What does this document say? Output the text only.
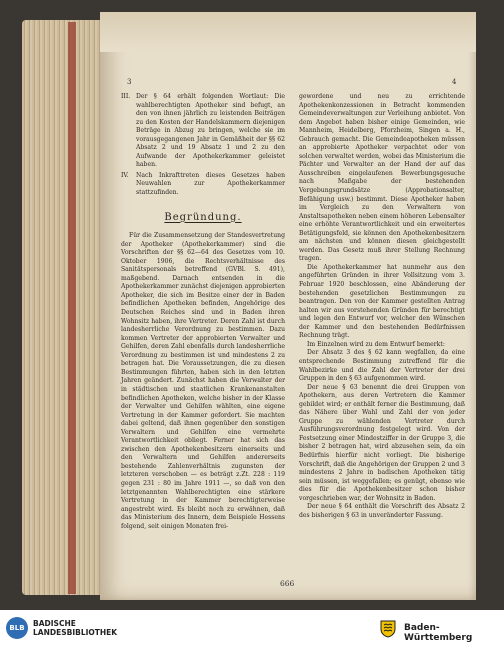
3	4
III. Der § 64 erhält folgenden Wortlaut: Die wahlberechtigten Apotheker sind befugt, an den von ihnen jährlich zu leistenden Beiträgen zu den Kosten der Handelskammern diejenigen Beträge in Abzug zu bringen, welche sie im vorausgegangenen Jahr in Gemäßheit der §§ 62 Absatz 2 und 19 Absatz 1 und 2 zu den Aufwande der Apothekerkammer geleistet haben.
IV.	Nach Inkrafttreten dieses Gesetzes haben Neuwahlen zur Apothekerkammer stattzufinden.
Begründung.

Für die Zusammensetzung der Standesvertretung der Apotheker (Apothekerkammer) sind die Vorschriften der §§ 62—64 des Gesetzes vom 10. Oktober 1906, die Rechtsverhältnisse des Sanitätspersonals betreffend (GVBl. S. 491), maßgebend. Darnach entsenden in die Apothekerkammer zunächst diejenigen approbierten Apotheker, die sich im Besitze einer der in Baden befindlichen Apotheken befinden, Angehörige des Deutschen Reiches sind und in Baden ihren Wohnsitz haben, ihre Vertreter. Deren Zahl ist durch landesherrliche Verordnung zu bestimmen. Dazu kommen Vertreter der approbierten Verwalter und Gehilfen, deren Zahl ebenfalls durch landesherrliche Verordnung zu bestimmen ist und mindestens 2 zu betragen hat. Die Voraussetzungen, die zu diesen Bestimmungen führten, haben sich in den letzten Jahren geändert. Zunächst haben die Verwalter der in städtischen und staatlichen Krankenanstalten befindlichen Apotheken, welche bisher in der Klasse der Verwalter und Gehilfen wählten, eine eigene Vertretung in der Kammer gefordert. Sie machten dabei geltend, daß ihnen gegenüber den sonstigen Verwaltern und Gehilfen eine vermehrte Verantwortlichkeit obliegt. Ferner hat sich das zwischen den Apothekenbesitzern einerseits und den Verwaltern und Gehilfen andererseits bestehende Zahlenverhältnis zugunsten der letzteren verschoben — es beträgt z.Zt. 228 : 119 gegen 231 : 80 im Jahre 1911 —, so daß von den letztgenannten Wahlberechtigten eine stärkere Vertretung in der Kammer berechtigterweise angestrebt wird. Es bleibt noch zu erwähnen, daß das Ministerium des Innern, dem Beispiele Hessens folgend, seit einigen Monaten frei-

gewordene und neu zu errichtende Apothekenkonzessionen in Betracht kommenden Gemeindeverwaltungen zur Verleihung anbietet. Von dem Angebot haben bisher einige Gemeinden, wie Mannheim, Heidelberg, Pforzheim, Singen a. H., Gebrauch gemacht. Die Gemeindeapotheken müssen an approbierte Apotheker verpachtet oder von solchen verwaltet werden, wobei das Ministerium die Pächter und Verwalter an der Hand der auf das Ausschreiben eingelaufenen Bewerbungsgesuche nach Maßgabe der bestehenden Vergebungsgrundsätze (Approbationsalter, Befähigung usw.) bestimmt. Diese Apotheker haben im Vergleich zu den Verwaltern von Anstaltsapotheken neben einem höheren Lebensalter eine erhöhte Verantwortlichkeit und ein erweitertes Betätigungsfeld, sie können den Apothekenbesitzern am nächsten und können diesen gleichgestellt werden. Das Gesetz muß ihrer Stellung Rechnung tragen.

Die Apothekerkammer hat nunmehr aus den angeführten Gründen in ihrer Vollsitzung vom 3. Februar 1920 beschlossen, eine Abänderung der bestehenden gesetzlichen Bestimmungen zu beantragen. Den von der Kammer gestellten Antrag halten wir aus vorstehenden Gründen für berechtigt und legen den Entwurf vor, welcher den Wünschen der Kammer und den bestehenden Bedürfnissen Rechnung trägt.

Im Einzelnen wird zu dem Entwurf bemerkt:

Der Absatz 3 des § 62 kann wegfallen, da eine entsprechende Bestimmung zutreffend für die Wahlbezirke und die Zahl der Vertreter der drei Gruppen in den § 63 aufgenommen wird.

Der neue § 63 benennt die drei Gruppen von Apothekern, aus deren Vertretern die Kammer gebildet wird; er enthält ferner die Bestimmung, daß das Nähere über Wahl und Zahl der von jeder Gruppe zu wählenden Vertreter durch Ausführungsverordnung festgelegt wird. Von der Festsetzung einer Mindestziffer in der Gruppe 3, die bisher 2 betragen hat, wird abzusehen sein, da ein Bedürfnis hierfür nicht vorliegt. Die bisherige Vorschrift, daß die Angehörigen der Gruppen 2 und 3 mindestens 2 Jahre in badischen Apotheken tätig sein müssen, ist weggefallen; es genügt, ebenso wie dies für die Apothekenbesitzer schon bisher vorgeschrieben war, der Wohnsitz in Baden.

Der neue § 64 enthält die Vorschrift des Absatz 2 des bisherigen § 63 in unveränderter Fassung.

666
BLB	BADISCHE
LANDESBIBLIOTHEK	Baden-Württemberg
